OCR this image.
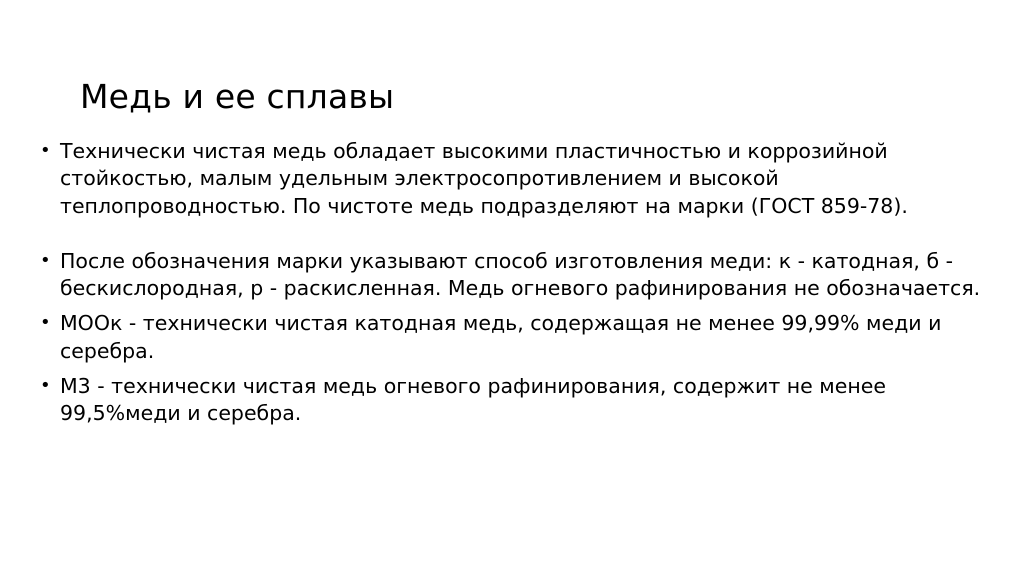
Медь и ее сплавы
• Технически чистая медь обладает высокими пластичностью и коррозийной стойкостью, малым удельным электросопротивлением и высокой теплопроводностью. По чистоте медь подразделяют на марки (ГОСТ 859-78).
• После обозначения марки указывают способ изготовления меди: к - катодная, б - бескислородная, р - раскисленная. Медь огневого рафинирования не обозначается.
• МООк - технически чистая катодная медь, содержащая не менее 99,99% меди и серебра.
• М3 - технически чистая медь огневого рафинирования, содержит не менее 99,5%меди и серебра.
